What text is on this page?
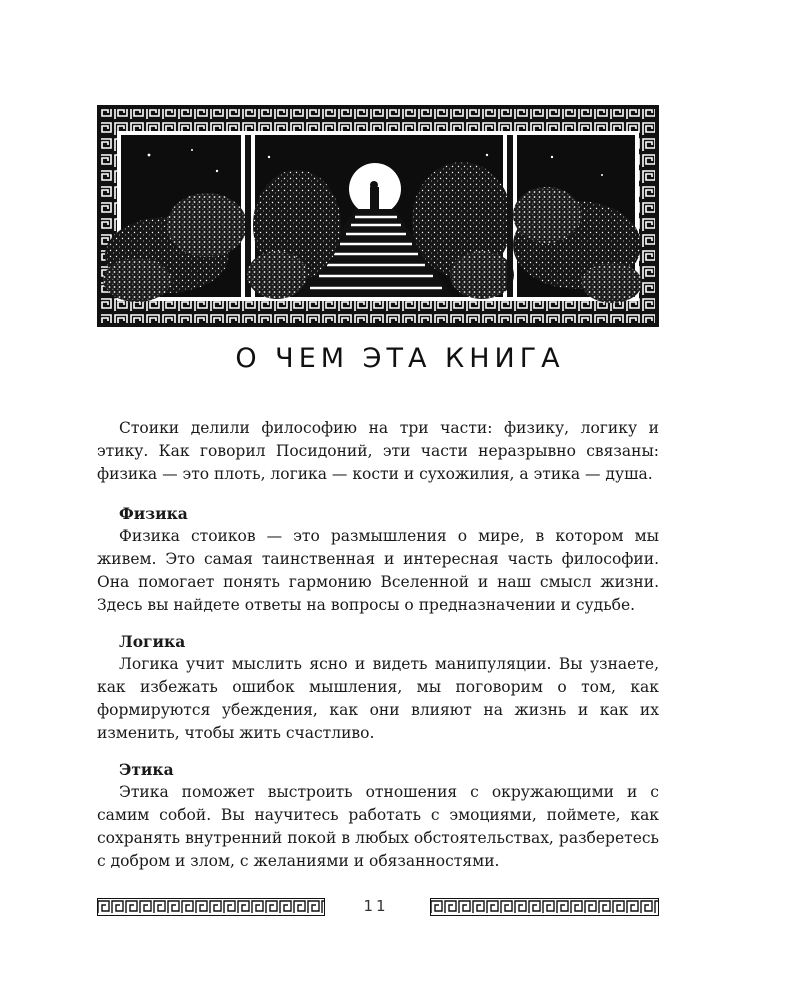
О ЧЕМ ЭТА КНИГА

Стоики делили философию на три части: физику, логику и этику. Как говорил Посидоний, эти части неразрывно связаны: физика — это плоть, логика — кости и сухожилия, а этика — душа.

Физика

Физика стоиков — это размышления о мире, в котором мы живем. Это самая таинственная и интересная часть философии. Она помогает понять гармонию Вселенной и наш смысл жизни. Здесь вы найдете ответы на вопросы о предназначении и судьбе.

Логика

Логика учит мыслить ясно и видеть манипуляции. Вы узнаете, как избежать ошибок мышления, мы поговорим о том, как формируются убеждения, как они влияют на жизнь и как их изменить, чтобы жить счастливо.

Этика

Этика поможет выстроить отношения с окружающими и с самим собой. Вы научитесь работать с эмоциями, поймете, как сохранять внутренний покой в любых обстоятельствах, разберетесь с добром и злом, с желаниями и обязанностями.

11
